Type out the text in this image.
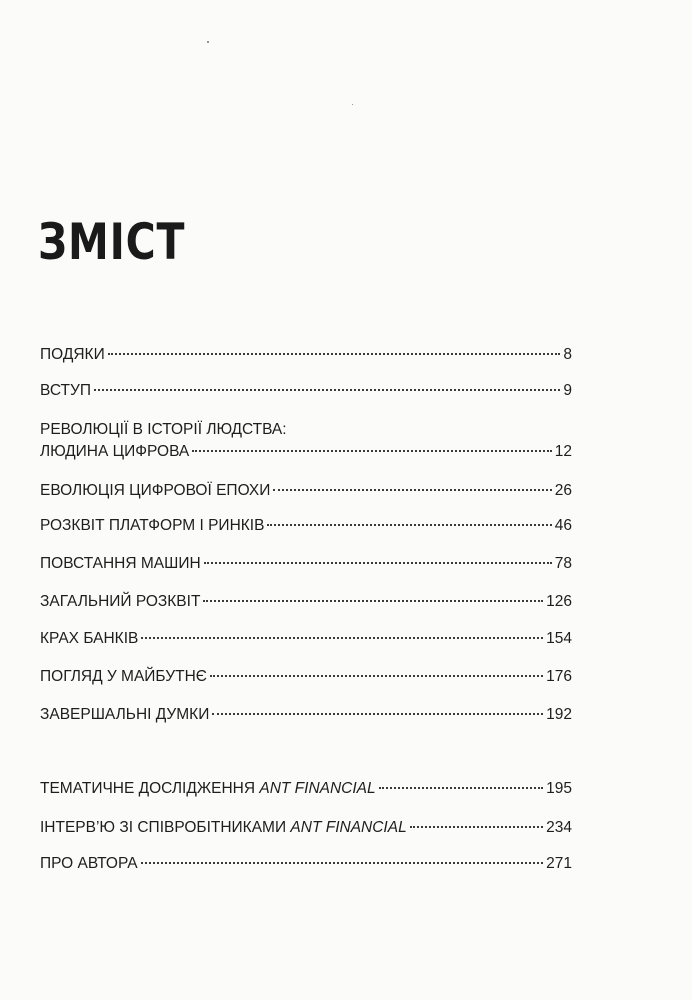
ЗМІСТ
ПОДЯКИ	8
ВСТУП	9
РЕВОЛЮЦІЇ В ІСТОРІЇ ЛЮДСТВА:
ЛЮДИНА ЦИФРОВА	12
ЕВОЛЮЦІЯ ЦИФРОВОЇ ЕПОХИ	26
РОЗКВІТ ПЛАТФОРМ І РИНКІВ	46
ПОВСТАННЯ МАШИН	78
ЗАГАЛЬНИЙ РОЗКВІТ	126
КРАХ БАНКІВ	154
ПОГЛЯД У МАЙБУТНЄ	176
ЗАВЕРШАЛЬНІ ДУМКИ	192
ТЕМАТИЧНЕ ДОСЛІДЖЕННЯ ANT FINANCIAL	195
ІНТЕРВ’Ю ЗІ СПІВРОБІТНИКАМИ ANT FINANCIAL	234
ПРО АВТОРА	271
